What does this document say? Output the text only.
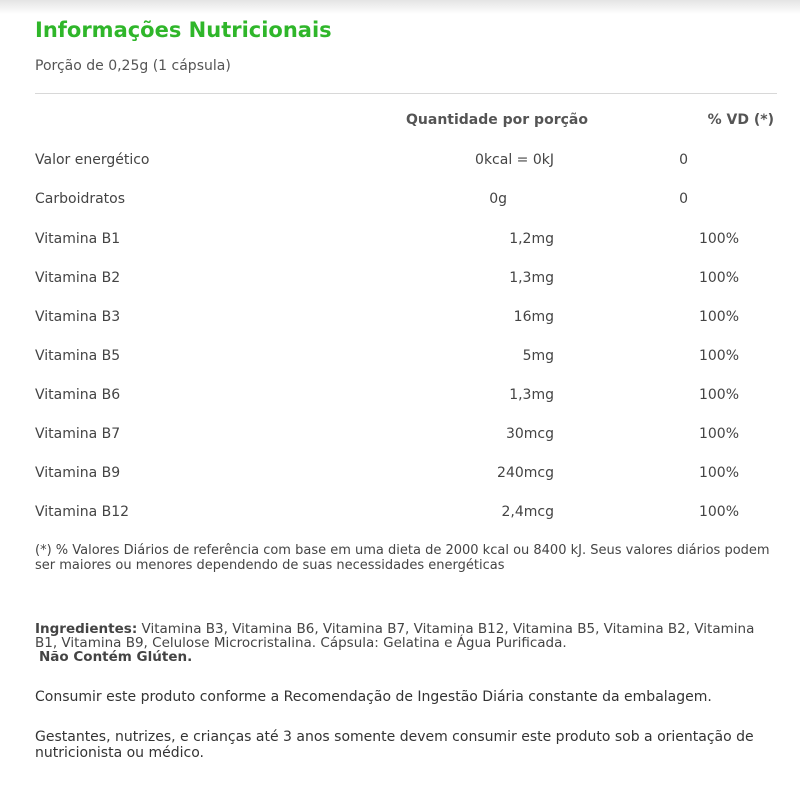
Informações Nutricionais
Porção de 0,25g (1 cápsula)
Quantidade por porção	% VD (*)
Valor energético	0kcal = 0kJ	0
Carboidratos	0g	0
Vitamina B1	1,2mg	100%
Vitamina B2	1,3mg	100%
Vitamina B3	16mg	100%
Vitamina B5	5mg	100%
Vitamina B6	1,3mg	100%
Vitamina B7	30mcg	100%
Vitamina B9	240mcg	100%
Vitamina B12	2,4mcg	100%
(*) % Valores Diários de referência com base em uma dieta de 2000 kcal ou 8400 kJ. Seus valores diários podem ser maiores ou menores dependendo de suas necessidades energéticas
Ingredientes: Vitamina B3, Vitamina B6, Vitamina B7, Vitamina B12, Vitamina B5, Vitamina B2, Vitamina B1, Vitamina B9, Celulose Microcristalina. Cápsula: Gelatina e Água Purificada.
Não Contém Glúten.
Consumir este produto conforme a Recomendação de Ingestão Diária constante da embalagem.
Gestantes, nutrizes, e crianças até 3 anos somente devem consumir este produto sob a orientação de nutricionista ou médico.
